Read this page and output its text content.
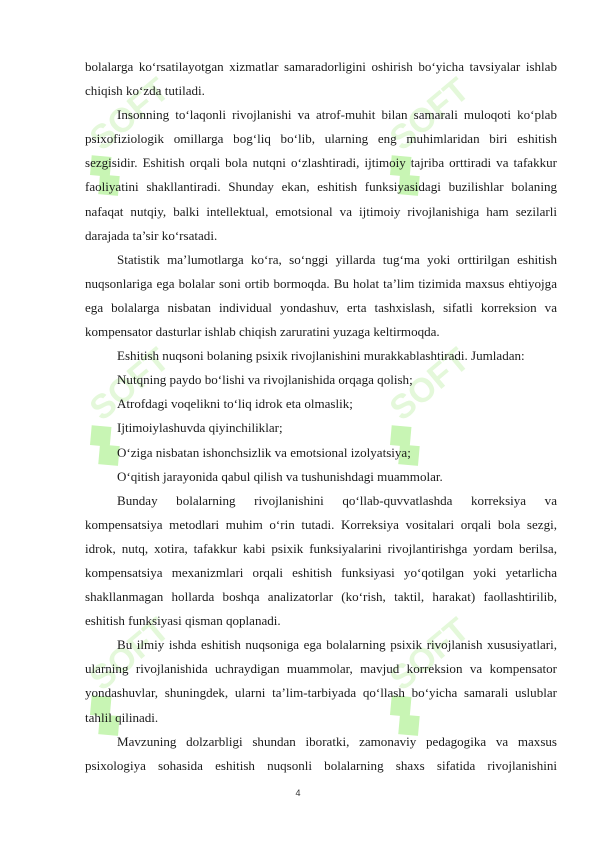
bolalarga ko‘rsatilayotgan xizmatlar samaradorligini oshirish bo‘yicha tavsiyalar ishlab chiqish ko‘zda tutiladi.

Insonning to‘laqonli rivojlanishi va atrof-muhit bilan samarali muloqoti ko‘plab psixofiziologik omillarga bog‘liq bo‘lib, ularning eng muhimlaridan biri eshitish sezgisidir. Eshitish orqali bola nutqni o‘zlashtiradi, ijtimoiy tajriba orttiradi va tafakkur faoliyatini shakllantiradi. Shunday ekan, eshitish funksiyasidagi buzilishlar bolaning nafaqat nutqiy, balki intellektual, emotsional va ijtimoiy rivojlanishiga ham sezilarli darajada ta’sir ko‘rsatadi.

Statistik ma’lumotlarga ko‘ra, so‘nggi yillarda tug‘ma yoki orttirilgan eshitish nuqsonlariga ega bolalar soni ortib bormoqda. Bu holat ta’lim tizimida maxsus ehtiyojga ega bolalarga nisbatan individual yondashuv, erta tashxislash, sifatli korreksion va kompensator dasturlar ishlab chiqish zaruratini yuzaga keltirmoqda.

Eshitish nuqsoni bolaning psixik rivojlanishini murakkablashtiradi. Jumladan:

Nutqning paydo bo‘lishi va rivojlanishida orqaga qolish;

Atrofdagi voqelikni to‘liq idrok eta olmaslik;

Ijtimoiylashuvda qiyinchiliklar;

O‘ziga nisbatan ishonchsizlik va emotsional izolyatsiya;

O‘qitish jarayonida qabul qilish va tushunishdagi muammolar.

Bunday bolalarning rivojlanishini qo‘llab-quvvatlashda korreksiya va kompensatsiya metodlari muhim o‘rin tutadi. Korreksiya vositalari orqali bola sezgi, idrok, nutq, xotira, tafakkur kabi psixik funksiyalarini rivojlantirishga yordam berilsa, kompensatsiya mexanizmlari orqali eshitish funksiyasi yo‘qotilgan yoki yetarlicha shakllanmagan hollarda boshqa analizatorlar (ko‘rish, taktil, harakat) faollashtirilib, eshitish funksiyasi qisman qoplanadi.

Bu ilmiy ishda eshitish nuqsoniga ega bolalarning psixik rivojlanish xususiyatlari, ularning rivojlanishida uchraydigan muammolar, mavjud korreksion va kompensator yondashuvlar, shuningdek, ularni ta’lim-tarbiyada qo‘llash bo‘yicha samarali uslublar tahlil qilinadi.

Mavzuning dolzarbligi shundan iboratki, zamonaviy pedagogika va maxsus psixologiya sohasida eshitish nuqsonli bolalarning shaxs sifatida rivojlanishini

4
